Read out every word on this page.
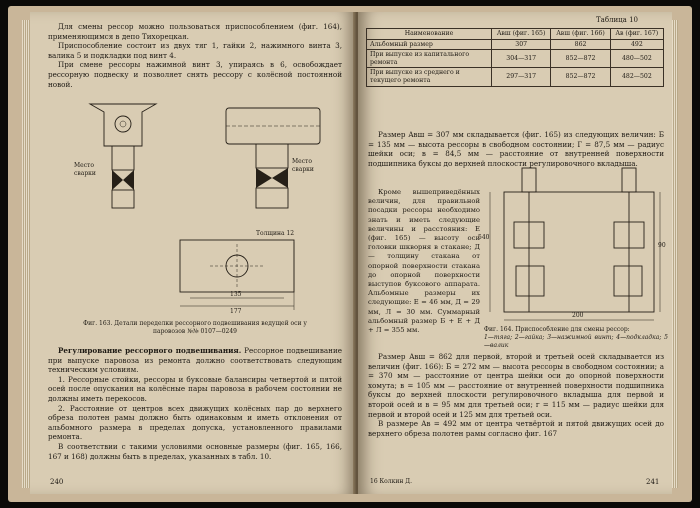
Для смены рессор можно пользоваться приспособлением (фиг. 164), применяющимся в депо Тихорецкая.

Приспособление состоит из двух тяг 1, гайки 2, нажимного винта 3, валика 5 и подкладки под винт 4.

При смене рессоры нажимной винт 3, упираясь в 6, освобождает рессорную подвеску и позволяет снять рессору с колёсной постоянной новой.

Место сварки
Место сварки
Толщина 12
177
135
Фиг. 163. Детали переделки рессорного подвешивания ведущей оси у паровозов №№ 0107—0249

Регулирование рессорного подвешивания. Рессорное подвешивание при выпуске паровоза из ремонта должно соответствовать следующим техническим условиям.

1. Рессорные стойки, рессоры и буксовые балансиры четвертой и пятой осей после опускания на колёсные пары паровоза в рабочем состоянии не должны иметь перекосов.

2. Расстояние от центров всех движущих колёсных пар до верхнего обреза полотен рамы должно быть одинаковым и иметь отклонения от альбомного размера в пределах допуска, установленного правилами ремонта.

В соответствии с такими условиями основные размеры (фиг. 165, 166, 167 и 168) должны быть в пределах, указанных в табл. 10.

240
Таблица 10
Наименование	Aвш (фиг. 165)	Aвш (фиг. 166)	Aв (фиг. 167)
Альбомный размер	307	862	492
При выпуске из капитального ремонта	304—317	852—872	480—502
При выпуске из среднего и текущего ремонта	297—317	852—872	482—502

Размер Aвш = 307 мм складывается (фиг. 165) из следующих величин: Б = 135 мм — высота рессоры в свободном состоянии; Г = 87,5 мм — радиус шейки оси; в = 84,5 мм — расстояние от внутренней поверхности подшипника буксы до верхней плоскости регулировочного вкладыша.

Кроме вышеприведённых величин, для правильной посадки рессоры необходимо знать и иметь следующие величины и расстояния: Е (фиг. 165) — высоту оси головки шкворня в стакане; Д — толщину стакана от опорной поверхности стакана до опорной поверхности выступов буксового аппарата. Альбомные размеры их следующие: Е = 46 мм, Д = 29 мм, Л = 30 мм. Суммарный альбомный размер Б + Е + Д + Л = 355 мм.

200
90
540
Фиг. 164. Приспособление для смены рессор:
1—тяга; 2—гайка; 3—нажимной винт; 4—подкладка; 5—валик

Размер Aвш = 862 для первой, второй и третьей осей складывается из величин (фиг. 166): Б = 272 мм — высота рессоры в свободном состоянии; а = 370 мм — расстояние от центра шейки оси до опорной поверхности хомута; в = 105 мм — расстояние от внутренней поверхности подшипника буксы до верхней плоскости регулировочного вкладыша для первой и второй осей и в = 95 мм для третьей оси; г = 115 мм — радиус шейки для первой и второй осей и 125 мм для третьей оси.

В размере Aв = 492 мм от центра четвёртой и пятой движущих осей до верхнего обреза полотен рамы согласно фиг. 167

16 Колкин Д.	241
